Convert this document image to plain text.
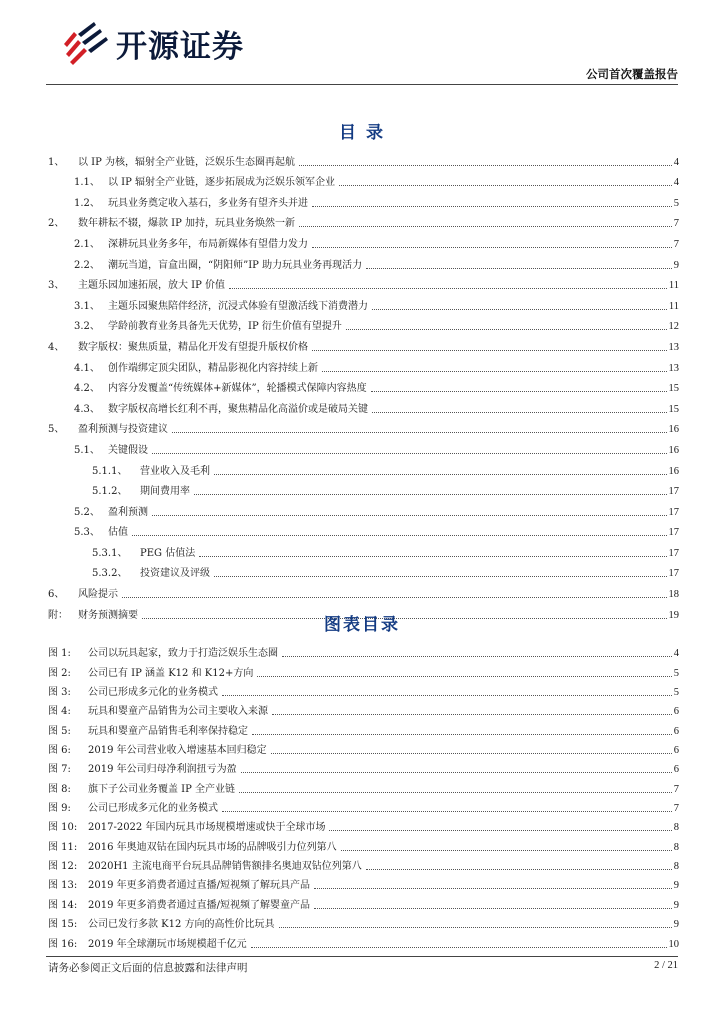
开源证券
公司首次覆盖报告
目 录
1、	以 IP 为核，辐射全产业链，泛娱乐生态圈再起航	4
1.1、 以 IP 辐射全产业链，逐步拓展成为泛娱乐领军企业	4
1.2、 玩具业务奠定收入基石，多业务有望齐头并进	5
2、	数年耕耘不辍，爆款 IP 加持，玩具业务焕然一新	7
2.1、 深耕玩具业务多年，布局新媒体有望借力发力	7
2.2、 潮玩当道，盲盒出圈，“阴阳师”IP 助力玩具业务再现活力	9
3、	主题乐园加速拓展，放大 IP 价值	11
3.1、 主题乐园聚焦陪伴经济，沉浸式体验有望激活线下消费潜力	11
3.2、 学龄前教育业务具备先天优势，IP 衍生价值有望提升	12
4、	数字版权：聚焦质量，精品化开发有望提升版权价格	13
4.1、 创作端绑定顶尖团队，精品影视化内容持续上新	13
4.2、 内容分发覆盖“传统媒体+新媒体”，轮播模式保障内容热度	15
4.3、 数字版权高增长红利不再，聚焦精品化高溢价或是破局关键	15
5、	盈利预测与投资建议	16
5.1、 关键假设	16
5.1.1、	营业收入及毛利	16
5.1.2、	期间费用率	17
5.2、 盈利预测	17
5.3、 估值	17
5.3.1、	PEG 估值法	17
5.3.2、	投资建议及评级	17
6、	风险提示	18
附：	财务预测摘要	19
图表目录
图 1:	公司以玩具起家，致力于打造泛娱乐生态圈	4
图 2:	公司已有 IP 涵盖 K12 和 K12+方向	5
图 3:	公司已形成多元化的业务模式	5
图 4:	玩具和婴童产品销售为公司主要收入来源	6
图 5:	玩具和婴童产品销售毛利率保持稳定	6
图 6:	2019 年公司营业收入增速基本回归稳定	6
图 7:	2019 年公司归母净利润扭亏为盈	6
图 8:	旗下子公司业务覆盖 IP 全产业链	7
图 9:	公司已形成多元化的业务模式	7
图 10:	2017-2022 年国内玩具市场规模增速或快于全球市场	8
图 11:	2016 年奥迪双钻在国内玩具市场的品牌吸引力位列第八	8
图 12:	2020H1 主流电商平台玩具品牌销售额排名奥迪双钻位列第八	8
图 13:	2019 年更多消费者通过直播/短视频了解玩具产品	9
图 14:	2019 年更多消费者通过直播/短视频了解婴童产品	9
图 15:	公司已发行多款 K12 方向的高性价比玩具	9
图 16:	2019 年全球潮玩市场规模超千亿元	10
请务必参阅正文后面的信息披露和法律声明	2 / 21
